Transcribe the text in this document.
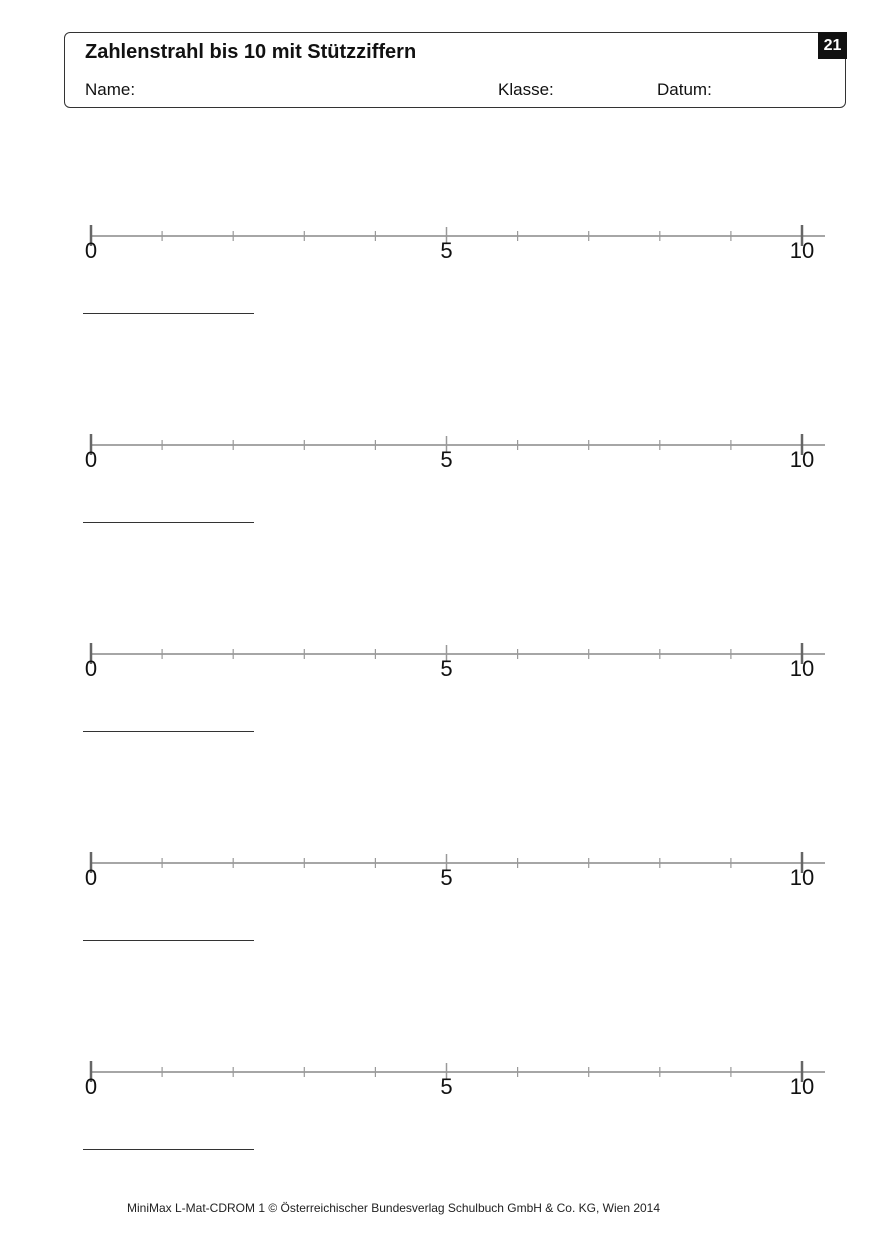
Zahlenstrahl bis 10 mit Stützziffern
Name:	Klasse:	Datum:
21
0	5	10
0	5	10
0	5	10
0	5	10
0	5	10
MiniMax L-Mat-CDROM 1 © Österreichischer Bundesverlag Schulbuch GmbH & Co. KG, Wien 2014
